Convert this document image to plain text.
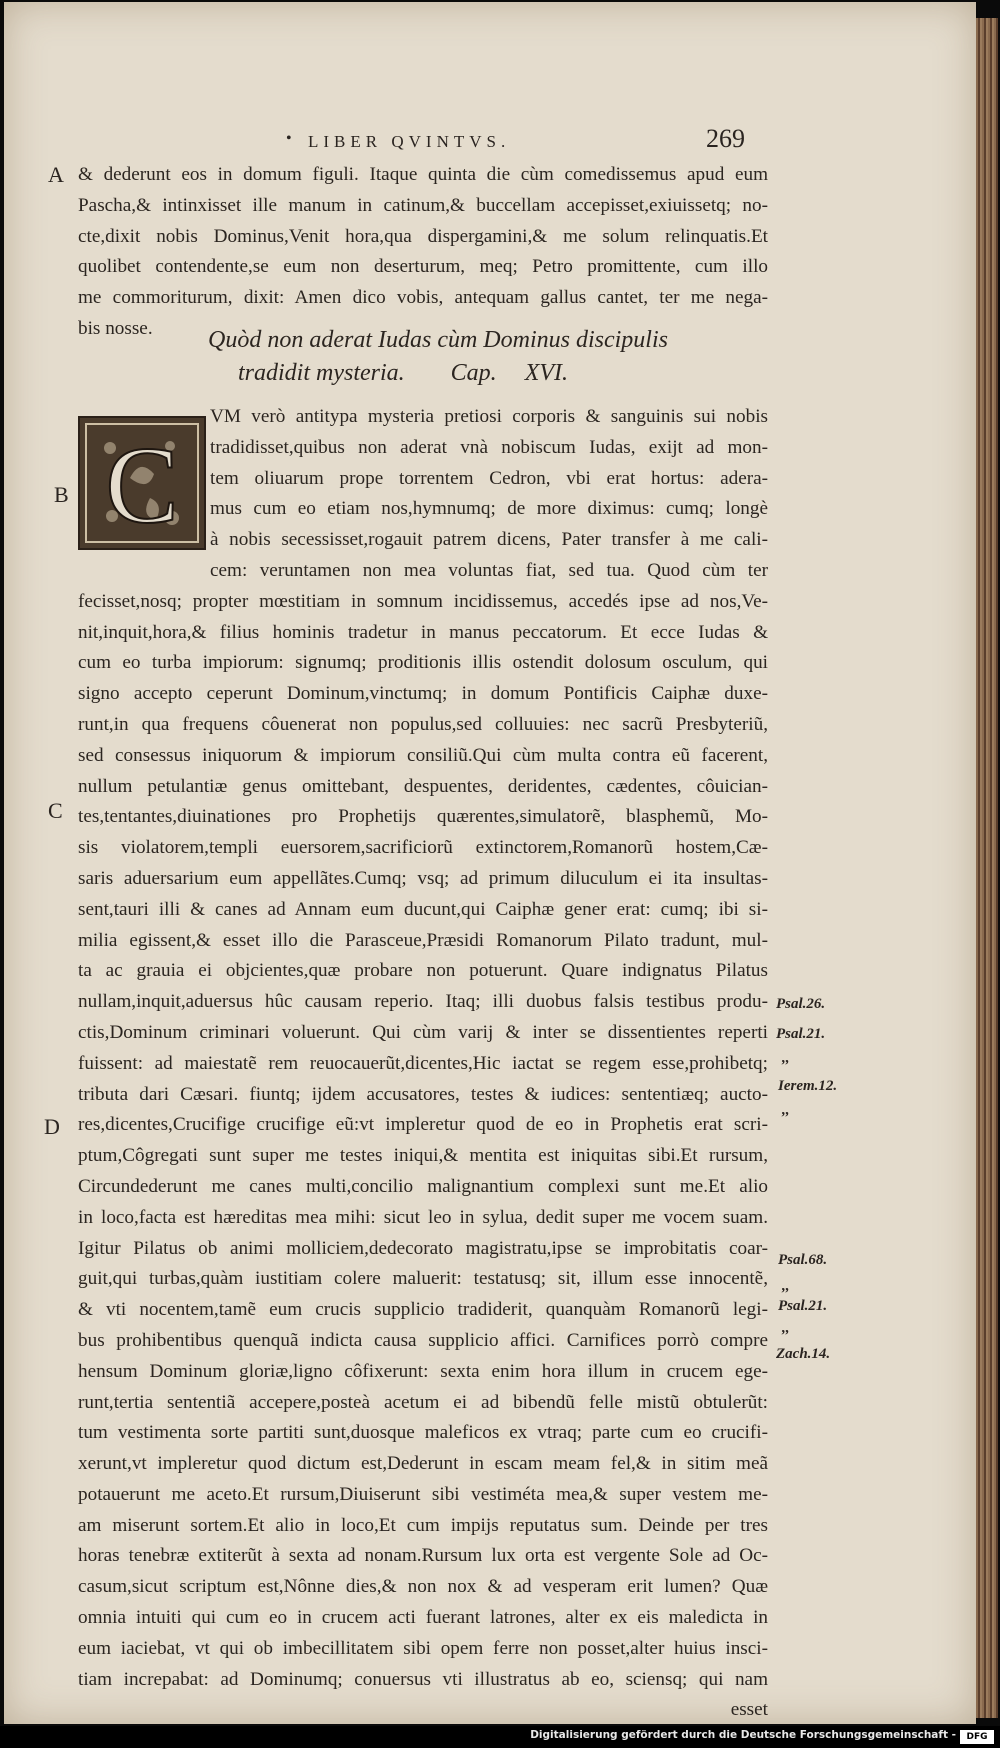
• LIBER QVINTVS.	269
& dederunt eos in domum figuli. Itaque quinta die cùm comedissemus apud eum
Pascha,& intinxisset ille manum in catinum,& buccellam accepisset,exiuissetq; no-
cte,dixit nobis Dominus,Venit hora,qua dispergamini,& me solum relinquatis.Et
quolibet contendente,se eum non deserturum, meq; Petro promittente, cum illo
me commoriturum, dixit: Amen dico vobis, antequam gallus cantet, ter me nega-
bis nosse.	Quòd non aderat Iudas cùm Dominus discipulis
tradidit mysteria. Cap. XVI.
C
VM verò antitypa mysteria pretiosi corporis & sanguinis sui nobis
tradidisset,quibus non aderat vnà nobiscum Iudas, exijt ad mon-
tem oliuarum prope torrentem Cedron, vbi erat hortus: adera-
mus cum eo etiam nos,hymnumq; de more diximus: cumq; longè
à nobis secessisset,rogauit patrem dicens, Pater transfer à me cali-
cem: veruntamen non mea voluntas fiat, sed tua. Quod cùm ter
fecisset,nosq; propter mœstitiam in somnum incidissemus, accedés ipse ad nos,Ve-
nit,inquit,hora,& filius hominis tradetur in manus peccatorum. Et ecce Iudas &
cum eo turba impiorum: signumq; proditionis illis ostendit dolosum osculum, qui
signo accepto ceperunt Dominum,vinctumq; in domum Pontificis Caiphæ duxe-
runt,in qua frequens côuenerat non populus,sed colluuies: nec sacrũ Presbyteriũ,
sed consessus iniquorum & impiorum consiliũ.Qui cùm multa contra eũ facerent,
nullum petulantiæ genus omittebant, despuentes, deridentes, cædentes, côuician-
tes,tentantes,diuinationes pro Prophetijs quærentes,simulatorẽ, blasphemũ, Mo-
sis violatorem,templi euersorem,sacrificiorũ extinctorem,Romanorũ hostem,Cæ-
saris aduersarium eum appellãtes.Cumq; vsq; ad primum diluculum ei ita insultas-
sent,tauri illi & canes ad Annam eum ducunt,qui Caiphæ gener erat: cumq; ibi si-
milia egissent,& esset illo die Parasceue,Præsidi Romanorum Pilato tradunt, mul-
ta ac grauia ei objcientes,quæ probare non potuerunt. Quare indignatus Pilatus
nullam,inquit,aduersus hûc causam reperio. Itaq; illi duobus falsis testibus produ-
ctis,Dominum criminari voluerunt. Qui cùm varij & inter se dissentientes reperti
fuissent: ad maiestatẽ rem reuocauerũt,dicentes,Hic iactat se regem esse,prohibetq;
tributa dari Cæsari. fiuntq; ijdem accusatores, testes & iudices: sententiæq; aucto-
res,dicentes,Crucifige crucifige eũ:vt impleretur quod de eo in Prophetis erat scri-
ptum,Côgregati sunt super me testes iniqui,& mentita est iniquitas sibi.Et rursum,
Circundederunt me canes multi,concilio malignantium complexi sunt me.Et alio
in loco,facta est hæreditas mea mihi: sicut leo in sylua, dedit super me vocem suam.
Igitur Pilatus ob animi molliciem,dedecorato magistratu,ipse se improbitatis coar-
guit,qui turbas,quàm iustitiam colere maluerit: testatusq; sit, illum esse innocentẽ,
& vti nocentem,tamẽ eum crucis supplicio tradiderit, quanquàm Romanorũ legi-
bus prohibentibus quenquã indicta causa supplicio affici. Carnifices porrò compre
hensum Dominum gloriæ,ligno côfixerunt: sexta enim hora illum in crucem ege-
runt,tertia sententiã accepere,posteà acetum ei ad bibendũ felle mistũ obtulerũt:
tum vestimenta sorte partiti sunt,duosque maleficos ex vtraq; parte cum eo crucifi-
xerunt,vt impleretur quod dictum est,Dederunt in escam meam fel,& in sitim meã
potauerunt me aceto.Et rursum,Diuiserunt sibi vestiméta mea,& super vestem me-
am miserunt sortem.Et alio in loco,Et cum impijs reputatus sum. Deinde per tres
horas tenebræ extiterũt à sexta ad nonam.Rursum lux orta est vergente Sole ad Oc-
casum,sicut scriptum est,Nônne dies,& non nox & ad vesperam erit lumen? Quæ
omnia intuiti qui cum eo in crucem acti fuerant latrones, alter ex eis maledicta in
eum iaciebat, vt qui ob imbecillitatem sibi opem ferre non posset,alter huius insci-
tiam increpabat: ad Dominumq; conuersus vti illustratus ab eo, sciensq; qui nam
esset
A
B
C
D
Psal.26.
Psal.21.
,,
Ierem.12.
,,
Psal.68.
,,
Psal.21.
,,
Zach.14.
Digitalisierung gefördert durch die Deutsche Forschungsgemeinschaft -	DFG
